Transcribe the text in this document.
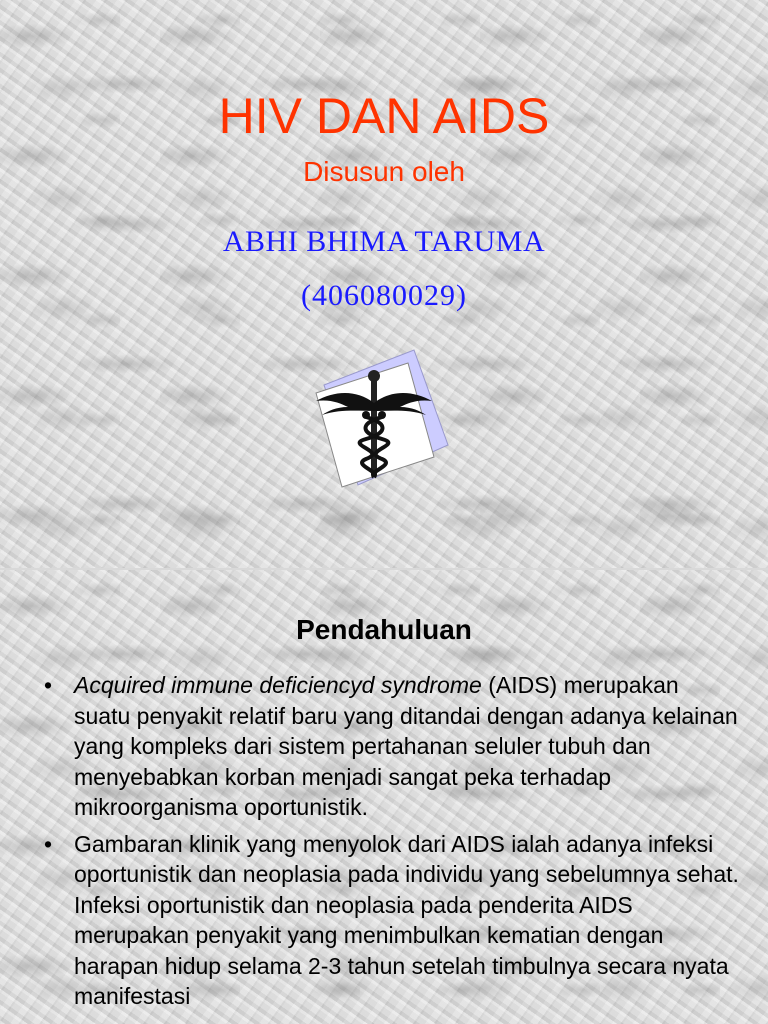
HIV DAN AIDS
Disusun oleh
ABHI BHIMA TARUMA
(406080029)
Pendahuluan
• Acquired immune deficiencyd syndrome (AIDS) merupakan suatu penyakit relatif baru yang ditandai dengan adanya kelainan yang kompleks dari sistem pertahanan seluler tubuh dan menyebabkan korban menjadi sangat peka terhadap mikroorganisma oportunistik.
• Gambaran klinik yang menyolok dari AIDS ialah adanya infeksi oportunistik dan neoplasia pada individu yang sebelumnya sehat. Infeksi oportunistik dan neoplasia pada penderita AIDS merupakan penyakit yang menimbulkan kematian dengan harapan hidup selama 2-3 tahun setelah timbulnya secara nyata manifestasi
